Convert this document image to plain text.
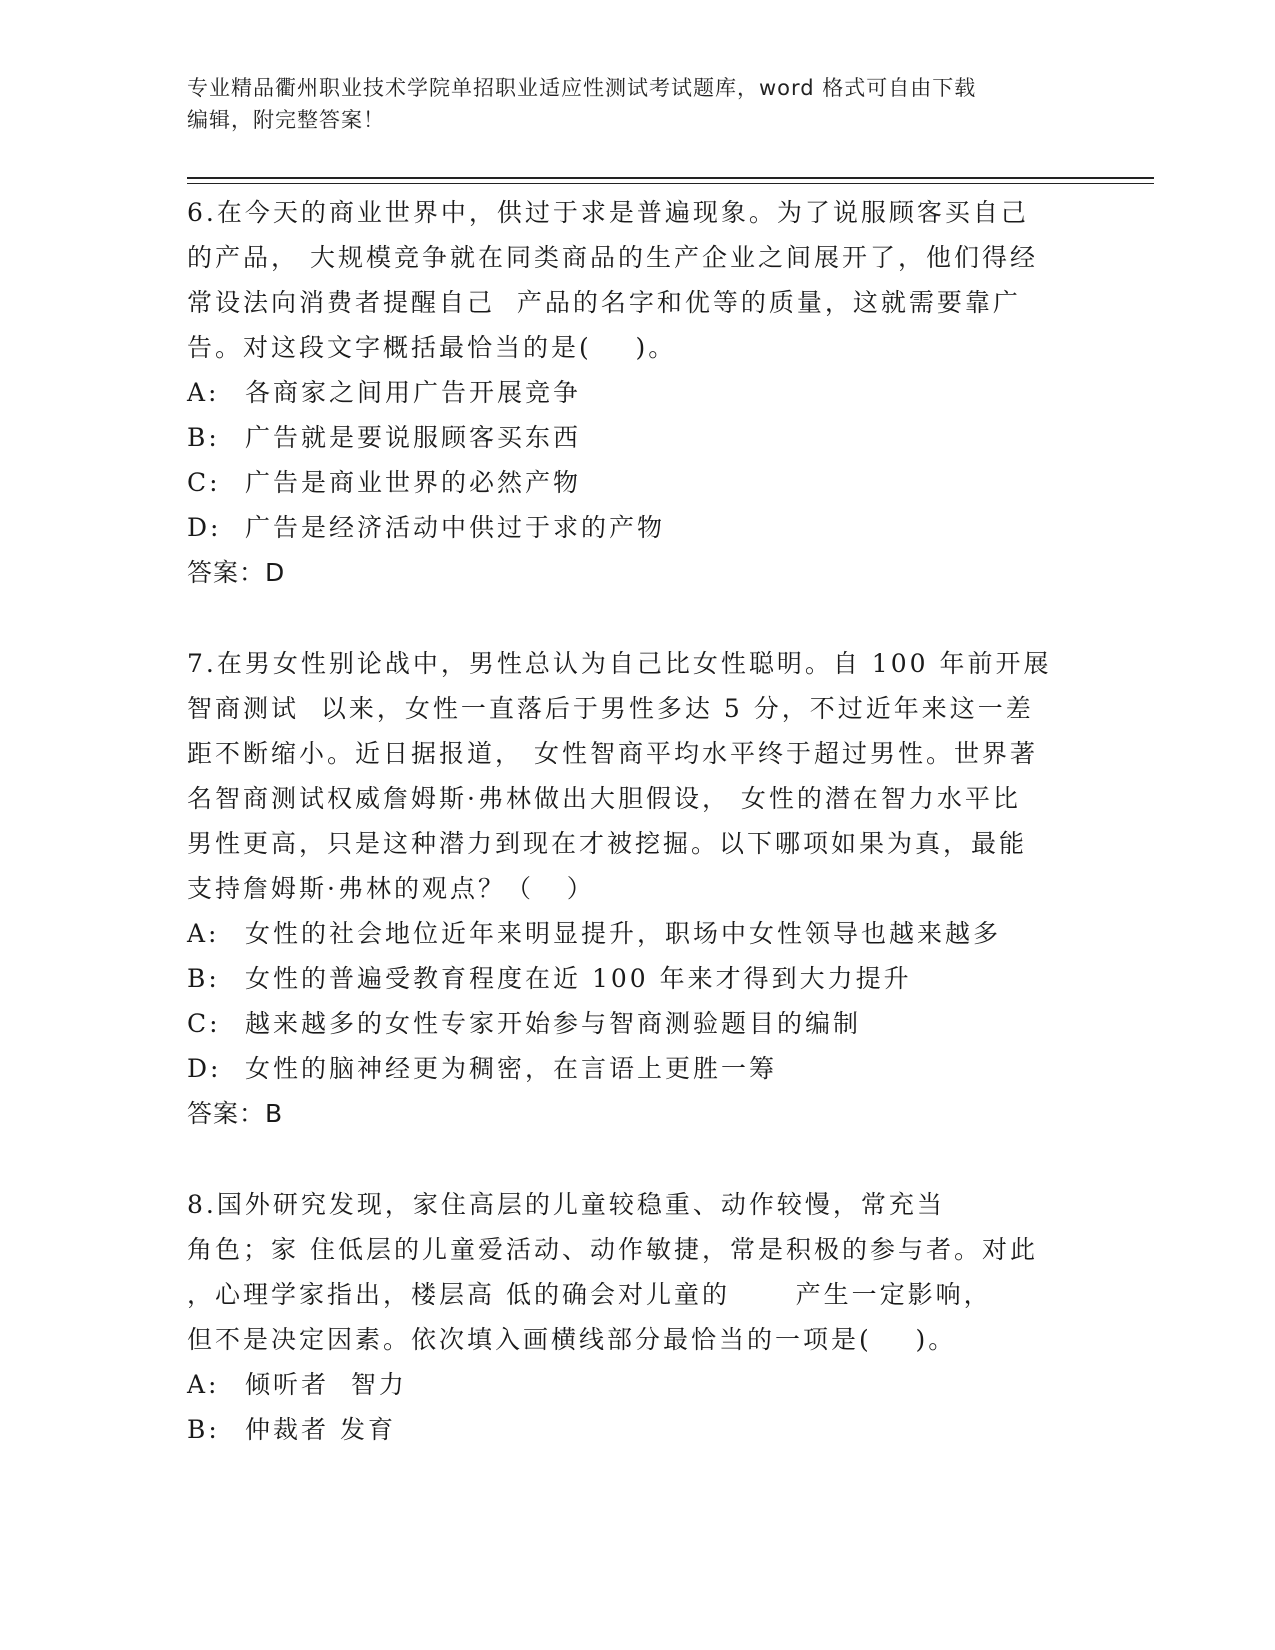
专业精品衢州职业技术学院单招职业适应性测试考试题库，word 格式可自由下载
编辑，附完整答案！

6.在今天的商业世界中，供过于求是普遍现象。为了说服顾客买自己
的产品， 大规模竞争就在同类商品的生产企业之间展开了，他们得经
常设法向消费者提醒自己  产品的名字和优等的质量，这就需要靠广
告。对这段文字概括最恰当的是(    )。

A:	各商家之间用广告开展竞争
B:	广告就是要说服顾客买东西
C: 广告是商业世界的必然产物
D: 广告是经济活动中供过于求的产物
答案：D

7.在男女性别论战中，男性总认为自己比女性聪明。自 100 年前开展
智商测试  以来，女性一直落后于男性多达 5 分，不过近年来这一差
距不断缩小。近日据报道， 女性智商平均水平终于超过男性。世界著
名智商测试权威詹姆斯·弗林做出大胆假设， 女性的潜在智力水平比
男性更高，只是这种潜力到现在才被挖掘。以下哪项如果为真，最能
支持詹姆斯·弗林的观点？（   ）

A:	女性的社会地位近年来明显提升，职场中女性领导也越来越多
B:	女性的普遍受教育程度在近 100 年来才得到大力提升
C: 越来越多的女性专家开始参与智商测验题目的编制
D: 女性的脑神经更为稠密，在言语上更胜一筹
答案：B

8.国外研究发现，家住高层的儿童较稳重、动作较慢，常充当
角色；家 住低层的儿童爱活动、动作敏捷，常是积极的参与者。对此
，心理学家指出，楼层高 低的确会对儿童的      产生一定影响，
但不是决定因素。依次填入画横线部分最恰当的一项是(    )。

A:	倾听者  智力
B:	仲裁者 发育
